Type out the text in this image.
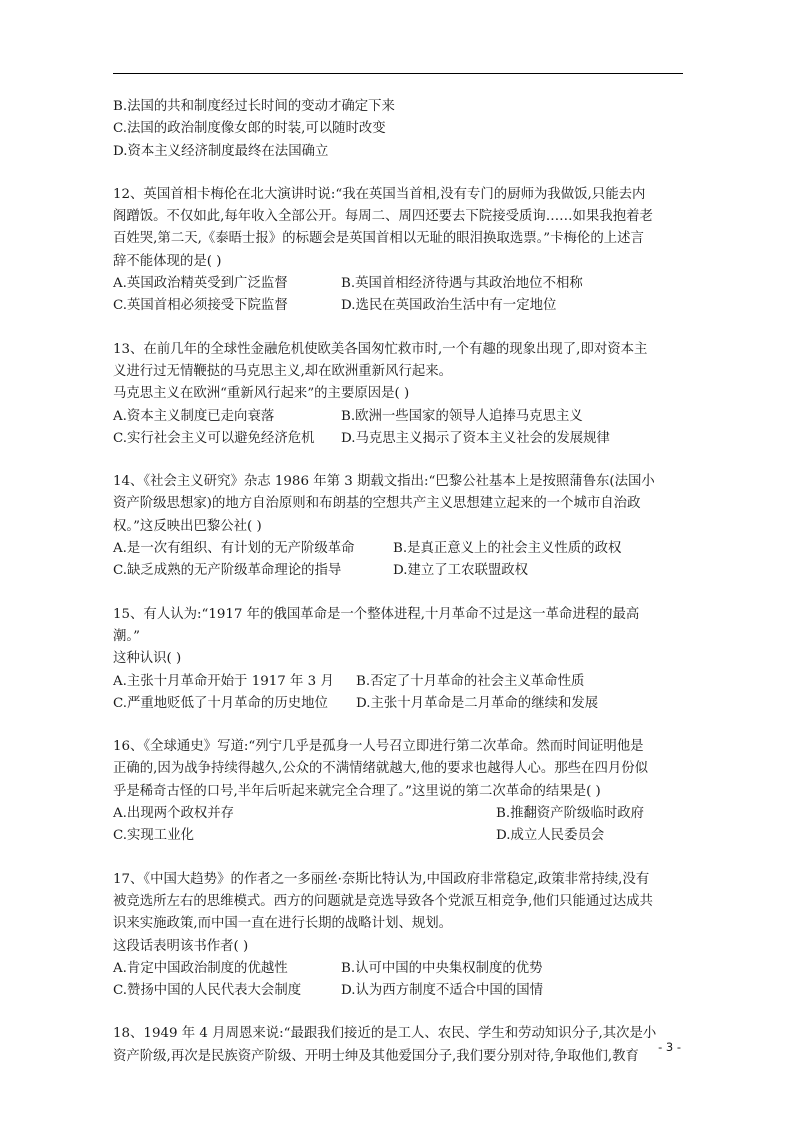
B.法国的共和制度经过长时间的变动才确定下来
C.法国的政治制度像女郎的时装,可以随时改变
D.资本主义经济制度最终在法国确立
12、英国首相卡梅伦在北大演讲时说:“我在英国当首相,没有专门的厨师为我做饭,只能去内
阁蹭饭。不仅如此,每年收入全部公开。每周二、周四还要去下院接受质询……如果我抱着老
百姓哭,第二天,《泰晤士报》的标题会是英国首相以无耻的眼泪换取选票。”卡梅伦的上述言
辞不能体现的是( )
A.英国政治精英受到广泛监督	B.英国首相经济待遇与其政治地位不相称
C.英国首相必须接受下院监督	D.选民在英国政治生活中有一定地位
13、在前几年的全球性金融危机使欧美各国匆忙救市时,一个有趣的现象出现了,即对资本主
义进行过无情鞭挞的马克思主义,却在欧洲重新风行起来。
马克思主义在欧洲“重新风行起来”的主要原因是( )
A.资本主义制度已走向衰落	B.欧洲一些国家的领导人追捧马克思主义
C.实行社会主义可以避免经济危机	D.马克思主义揭示了资本主义社会的发展规律
14、《社会主义研究》杂志 1986 年第 3 期载文指出:“巴黎公社基本上是按照蒲鲁东(法国小
资产阶级思想家)的地方自治原则和布朗基的空想共产主义思想建立起来的一个城市自治政
权。”这反映出巴黎公社( )
A.是一次有组织、有计划的无产阶级革命	B.是真正意义上的社会主义性质的政权
C.缺乏成熟的无产阶级革命理论的指导	D.建立了工农联盟政权
15、有人认为:“1917 年的俄国革命是一个整体进程,十月革命不过是这一革命进程的最高
潮。”
这种认识( )
A.主张十月革命开始于 1917 年 3 月	B.否定了十月革命的社会主义革命性质
C.严重地贬低了十月革命的历史地位	D.主张十月革命是二月革命的继续和发展
16、《全球通史》写道:“列宁几乎是孤身一人号召立即进行第二次革命。然而时间证明他是
正确的,因为战争持续得越久,公众的不满情绪就越大,他的要求也越得人心。那些在四月份似
乎是稀奇古怪的口号,半年后听起来就完全合理了。”这里说的第二次革命的结果是( )
A.出现两个政权并存	B.推翻资产阶级临时政府
C.实现工业化	D.成立人民委员会
17、《中国大趋势》的作者之一多丽丝·奈斯比特认为,中国政府非常稳定,政策非常持续,没有
被竞选所左右的思维模式。西方的问题就是竞选导致各个党派互相竞争,他们只能通过达成共
识来实施政策,而中国一直在进行长期的战略计划、规划。
这段话表明该书作者( )
A.肯定中国政治制度的优越性	B.认可中国的中央集权制度的优势
C.赞扬中国的人民代表大会制度	D.认为西方制度不适合中国的国情
18、1949 年 4 月周恩来说:“最跟我们接近的是工人、农民、学生和劳动知识分子,其次是小
资产阶级,再次是民族资产阶级、开明士绅及其他爱国分子,我们要分别对待,争取他们,教育
- 3 -
